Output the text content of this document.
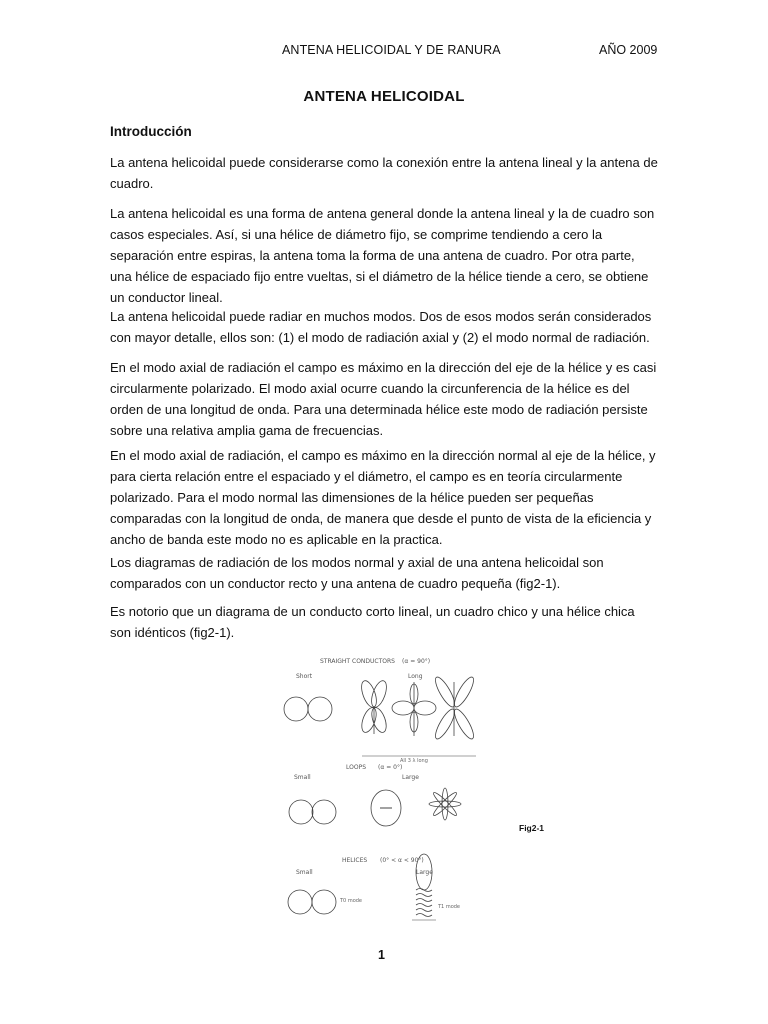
ANTENA HELICOIDAL Y DE RANURA	AÑO 2009
ANTENA HELICOIDAL
Introducción

La antena helicoidal puede considerarse como la conexión entre la antena lineal y la antena de cuadro.

La antena helicoidal es una forma de antena general donde la antena lineal y la de cuadro son casos especiales. Así, si una hélice de diámetro fijo, se comprime tendiendo a cero la separación entre espiras, la antena toma la forma de una antena de cuadro. Por otra parte, una hélice de espaciado fijo entre vueltas, si el diámetro de la hélice tiende a cero, se obtiene un conductor lineal.

La antena helicoidal puede radiar en muchos modos. Dos de esos modos serán considerados con mayor detalle, ellos son: (1) el modo de radiación axial y (2) el modo normal de radiación.

En el modo axial de radiación el campo es máximo en la dirección del eje de la hélice y es casi circularmente polarizado. El modo axial ocurre cuando la circunferencia de la hélice es del orden de una longitud de onda. Para una determinada hélice este modo de radiación persiste sobre una relativa amplia gama de frecuencias.

En el modo axial de radiación, el campo es máximo en la dirección normal al eje de la hélice, y para cierta relación entre el espaciado y el diámetro, el campo es en teoría circularmente polarizado. Para el modo normal las dimensiones de la hélice pueden ser pequeñas comparadas con la longitud de onda, de manera que desde el punto de vista de la eficiencia y ancho de banda este modo no es aplicable en la practica.

Los diagramas de radiación de los modos normal y axial de una antena helicoidal son comparados con un conductor recto y una antena de cuadro pequeña (fig2-1).

Es notorio que un diagrama de un conducto corto lineal, un cuadro chico y una hélice chica son idénticos (fig2-1).

STRAIGHT CONDUCTORS (α = 90°)
Short	Long
All 3 λ long
LOOPS (α = 0°)
Small	Large
HELICES (0° < α < 90°)
Small	Large
T0 mode
T1 mode
Fig2-1
1
